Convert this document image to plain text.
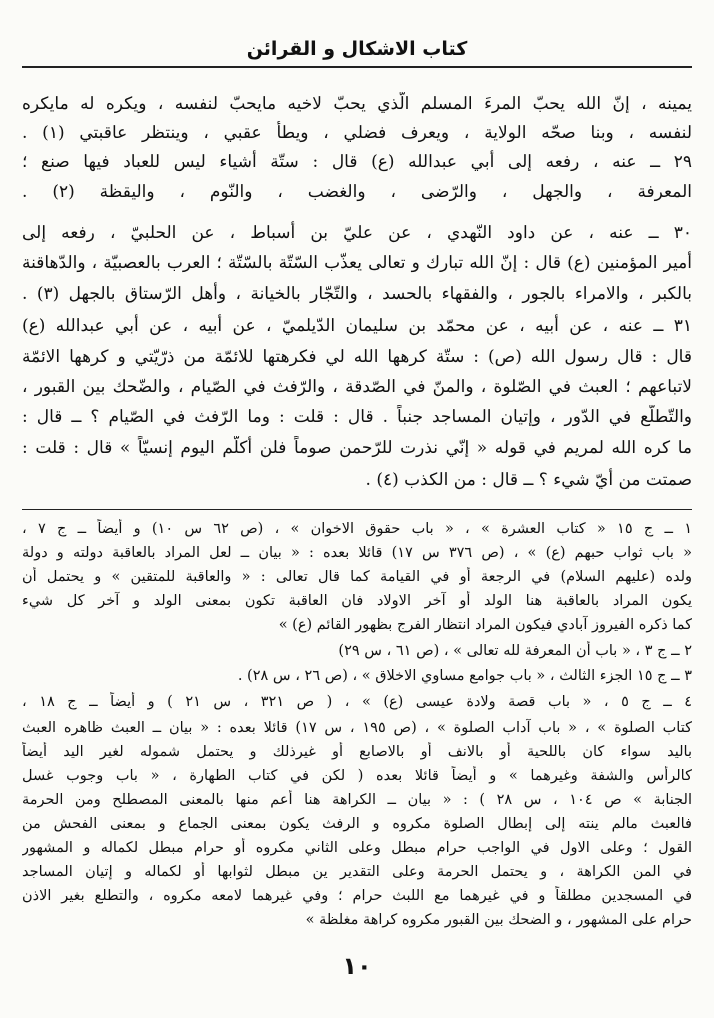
كتاب الاشكال و القرائن
يمينه ، إنّ الله يحبّ المرءَ المسلم الّذي يحبّ لاخيه مايحبّ لنفسه ، ويكره له مايكره
لنفسه ، وبنا صحّه الولاية ، ويعرف فضلي ، ويطأ عقبي ، وينتظر عاقبتي (١) .
٢٩ ــ عنه ، رفعه إلى أبي عبدالله (ع) قال : ستّة أشياء ليس للعباد فيها صنع ؛
المعرفة ، والجهل ، والرّضى ، والغضب ، والنّوم ، واليقظة (٢) .
٣٠ ــ عنه ، عن داود النّهدي ، عن عليّ بن أسباط ، عن الحلبيّ ، رفعه إلى
أمير المؤمنين (ع) قال : إنّ الله تبارك و تعالى يعذّب السّتّة بالسّتّة ؛ العرب بالعصبيّة ، والدّهاقنة
بالكبر ، والامراء بالجور ، والفقهاء بالحسد ، والتّجّار بالخيانة ، وأهل الرّستاق بالجهل (٣) .
٣١ ــ عنه ، عن أبيه ، عن محمّد بن سليمان الدّيلميّ ، عن أبيه ، عن أبي عبدالله (ع)
قال : قال رسول الله (ص) : ستّة كرهها الله لي فكرهتها للائمّة من ذرّيّتي و كرهها الائمّة
لاتباعهم ؛ العبث في الصّلوة ، والمنّ في الصّدقة ، والرّفث في الصّيام ، والضّحك بين القبور ،
والتّطلّع في الدّور ، وإتيان المساجد جنباً . قال : قلت : وما الرّفث في الصّيام ؟ ــ قال :
ما كره الله لمريم في قوله « إنّي نذرت للرّحمن صوماً فلن أكلّم اليوم إنسيّاً » قال : قلت :
صمتت من أيّ شيء ؟ ــ قال : من الكذب (٤) .
١ ــ ج ١٥ « كتاب العشرة » ، « باب حقوق الاخوان » ، (ص ٦٢ س ١٠) و أيضاً ــ ج ٧ ،
« باب ثواب حبهم (ع) » ، (ص ٣٧٦ س ١٧) قائلا بعده : « بيان ــ لعل المراد بالعاقبة دولته و دولة
ولده (عليهم السلام) في الرجعة أو في القيامة كما قال تعالى : « والعاقبة للمتقين » و يحتمل أن
يكون المراد بالعاقبة هنا الولد أو آخر الاولاد فان العاقبة تكون بمعنى الولد و آخر كل شيء
كما ذكره الفيروز آبادي فيكون المراد انتظار الفرج بظهور القائم (ع) »
٢ ــ ج ٣ ، « باب أن المعرفة لله تعالى » ، (ص ٦١ ، س ٢٩)
٣ ــ ج ١٥ الجزء الثالث ، « باب جوامع مساوي الاخلاق » ، (ص ٢٦ ، س ٢٨) .
٤ ــ ج ٥ ، « باب قصة ولادة عيسى (ع) » ، ( ص ٣٢١ ، س ٢١ ) و أيضاً ــ ج ١٨ ،
كتاب الصلوة » ، « باب آداب الصلوة » ، (ص ١٩٥ ، س ١٧) قائلا بعده : « بيان ــ العبث ظاهره العبث
باليد سواء كان باللحية أو بالانف أو بالاصابع أو غيرذلك و يحتمل شموله لغير اليد أيضاً
كالرأس والشفة وغيرهما » و أيضاً قائلا بعده ( لكن في كتاب الطهارة ، « باب وجوب غسل
الجنابة » ص ١٠٤ ، س ٢٨ ) : « بيان ــ الكراهة هنا أعم منها بالمعنى المصطلح ومن الحرمة
فالعبث مالم ينته إلى إبطال الصلوة مكروه و الرفث يكون بمعنى الجماع و بمعنى الفحش من
القول ؛ وعلى الاول في الواجب حرام مبطل وعلى الثاني مكروه أو حرام مبطل لكماله و المشهور
في المن الكراهة ، و يحتمل الحرمة وعلى التقدير ين مبطل لثوابها أو لكماله و إتيان المساجد
في المسجدين مطلقاً و في غيرهما مع اللبث حرام ؛ وفي غيرهما لامعه مكروه ، والتطلع بغير الاذن
حرام على المشهور ، و الضحك بين القبور مكروه كراهة مغلظة »
١٠
